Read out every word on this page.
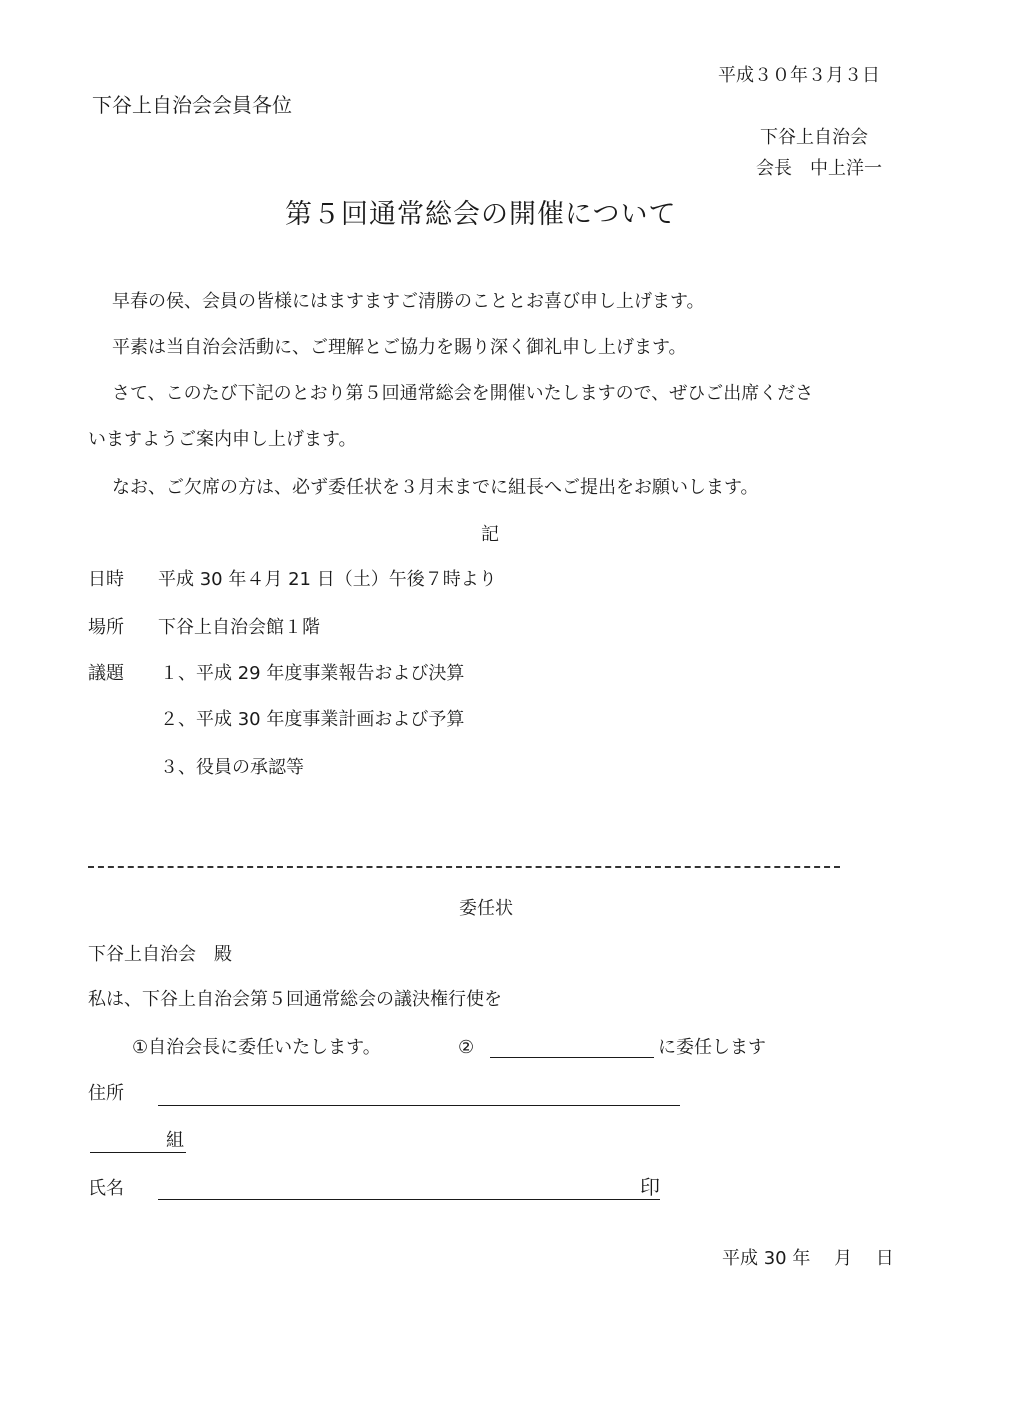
平成３０年３月３日
下谷上自治会会員各位
下谷上自治会
会長　中上洋一
第５回通常総会の開催について
早春の侯、会員の皆様にはますますご清勝のこととお喜び申し上げます。
平素は当自治会活動に、ご理解とご協力を賜り深く御礼申し上げます。
さて、このたび下記のとおり第５回通常総会を開催いたしますので、ぜひご出席くださ
いますようご案内申し上げます。
なお、ご欠席の方は、必ず委任状を３月末までに組長へご提出をお願いします。
記
日時 平成 30 年４月 21 日（土）午後７時より
場所 下谷上自治会館１階
議題 １、平成 29 年度事業報告および決算
２、平成 30 年度事業計画および予算
３、役員の承認等
委任状
下谷上自治会　殿
私は、下谷上自治会第５回通常総会の議決権行使を
①自治会長に委任いたします。	②	に委任します
住所
組
氏名	印
平成 30 年　 月　 日
